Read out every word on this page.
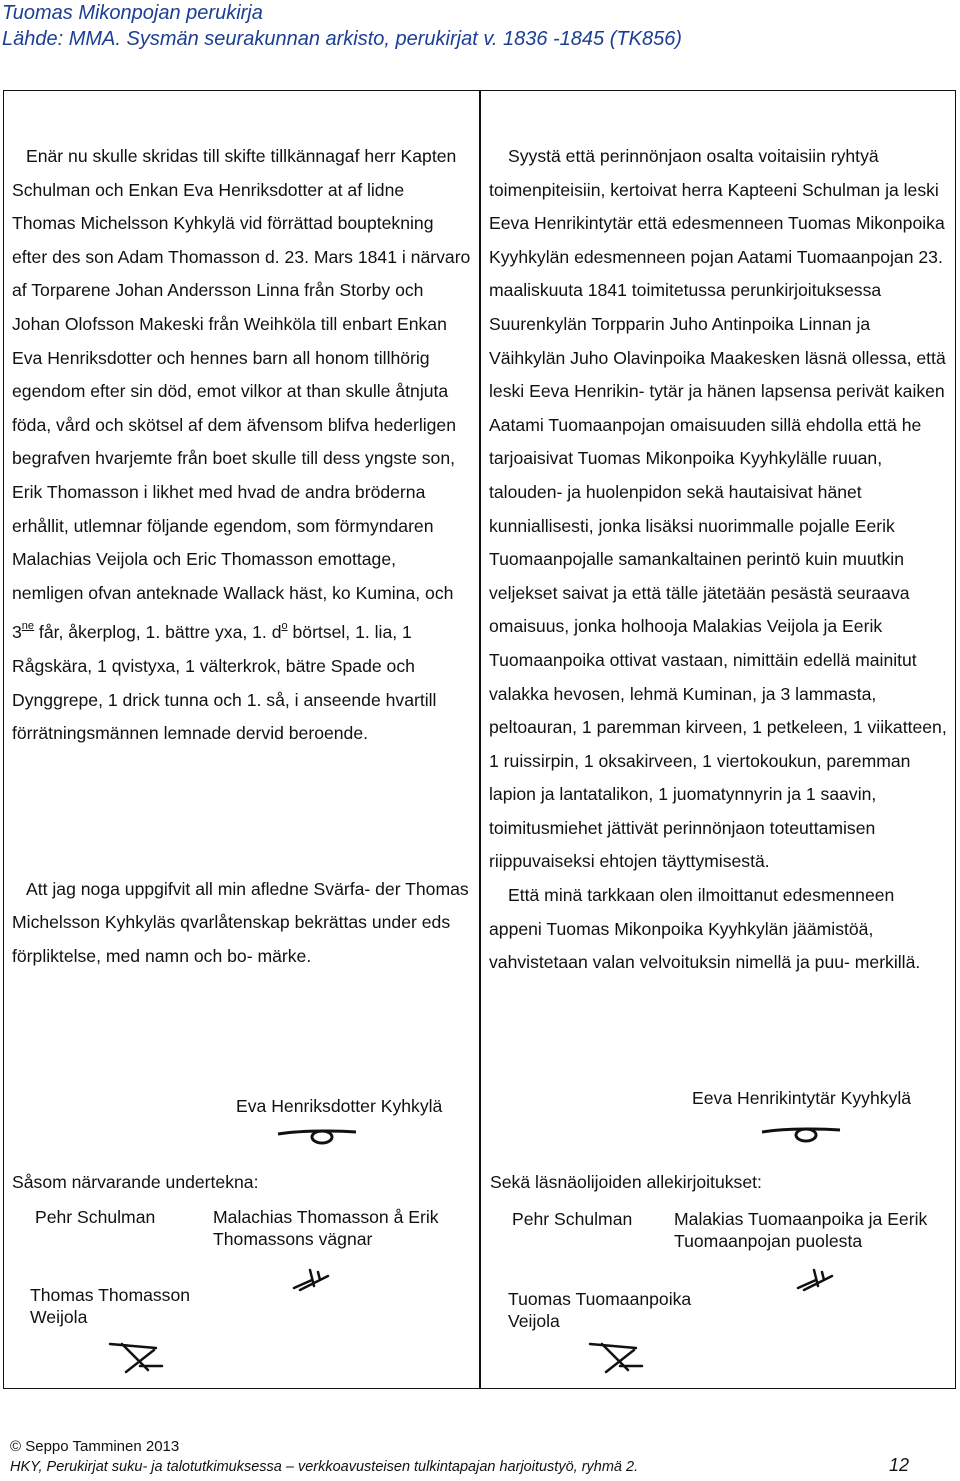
Tuomas Mikonpojan perukirja
Lähde: MMA. Sysmän seurakunnan arkisto, perukirjat v. 1836 -1845 (TK856)
Enär nu skulle skridas till skifte tillkännagaf herr Kapten Schulman och Enkan Eva Henriksdotter at af lidne Thomas Michelsson Kyhkylä vid förrättad bouptekning efter des son Adam Thomasson d. 23. Mars 1841 i närvaro af Torparene Johan Andersson Linna från Storby och Johan Olofsson Makeski från Weihköla till enbart Enkan Eva Henriksdotter och hennes barn all honom tillhörig egendom efter sin död, emot vilkor at than skulle åtnjuta föda, vård och skötsel af dem äfvensom blifva hederligen begrafven hvarjemte från boet skulle till dess yngste son, Erik Thomasson i likhet med hvad de andra bröderna erhållit, utlemnar följande egendom, som förmyndaren Malachias Veijola och Eric Thomasson emottage, nemligen ofvan anteknade Wallack häst, ko Kumina, och $3^{ne}$ får, åkerplog, 1. bättre yxa, 1. $d^o$ börtsel, 1. lia, 1 Rågskära, 1 qvistyxa, 1 välterkrok, bätre Spade och Dynggrepe, 1 drick tunna och 1. så, i anseende hvartill förrätningsmännen lemnade dervid beroende.
Att jag noga uppgifvit all min afledne Svärfa- der Thomas Michelsson Kyhkyläs qvarlåtenskap bekrättas under eds förpliktelse, med namn och bo- märke.
Syystä että perinnönjaon osalta voitaisiin ryhtyä toimenpiteisiin, kertoivat herra Kapteeni Schulman ja leski Eeva Henrikintytär että edesmenneen Tuomas Mikonpoika Kyyhkylän edesmenneen pojan Aatami Tuomaanpojan 23. maaliskuuta 1841 toimitetussa perunkirjoituksessa Suurenkylän Torpparin Juho Antinpoika Linnan ja Väihkylän Juho Olavinpoika Maakesken läsnä ollessa, että leski Eeva Henrikin- tytär ja hänen lapsensa perivät kaiken Aatami Tuomaanpojan omaisuuden sillä ehdolla että he tarjoaisivat Tuomas Mikonpoika Kyyhkylälle ruuan, talouden- ja huolenpidon sekä hautaisivat hänet kunniallisesti, jonka lisäksi nuorimmalle pojalle Eerik Tuomaanpojalle samankaltainen perintö kuin muutkin veljekset saivat ja että tälle jätetään pesästä seuraava omaisuus, jonka holhooja Malakias Veijola ja Eerik Tuomaanpoika ottivat vastaan, nimittäin edellä mainitut valakka hevosen, lehmä Kuminan, ja 3 lammasta, peltoauran, 1 paremman kirveen, 1 petkeleen, 1 viikatteen, 1 ruissirpin, 1 oksakirveen, 1 viertokoukun, paremman lapion ja lantatalikon, 1 juomatynnyrin ja 1 saavin, toimitusmiehet jättivät perinnönjaon toteuttamisen riippuvaiseksi ehtojen täyttymisestä.
Että minä tarkkaan olen ilmoittanut edesmenneen appeni Tuomas Mikonpoika Kyyhkylän jäämistöä, vahvistetaan valan velvoituksin nimellä ja puu- merkillä.
Eva Henriksdotter Kyhkylä	Eeva Henrikintytär Kyyhkylä
Såsom närvarande undertekna:
Pehr Schulman	Malachias Thomasson å Erik Thomassons vägnar
Thomas Thomasson Weijola
Sekä läsnäolijoiden allekirjoitukset:
Pehr Schulman Malakias Tuomaanpoika ja Eerik Tuomaanpojan puolesta
Tuomas Tuomaanpoika Veijola
© Seppo Tamminen 2013
HKY, Perukirjat suku- ja talotutkimuksessa – verkkoavusteisen tulkintapajan harjoitustyö, ryhmä 2.	12
